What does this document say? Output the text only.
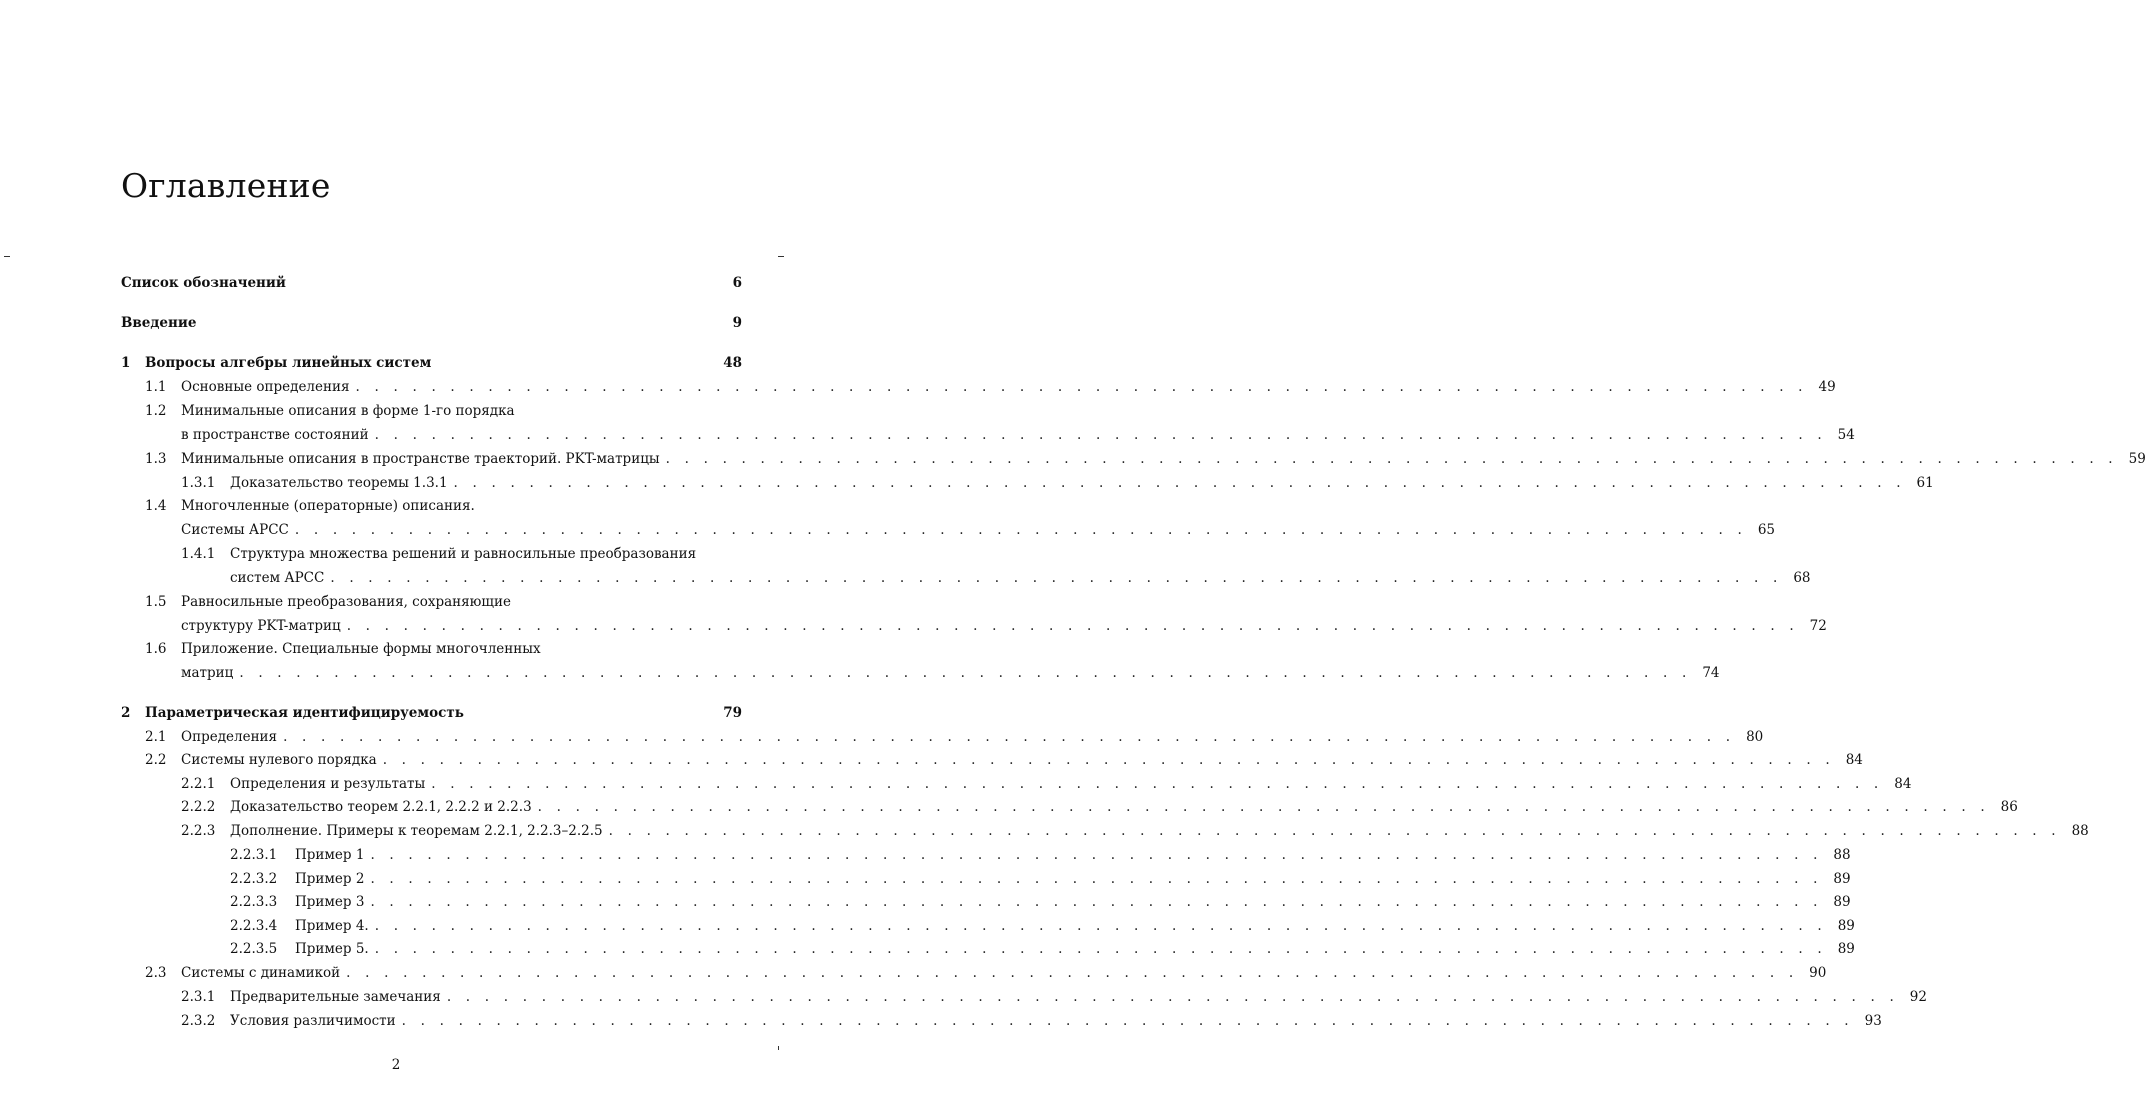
Оглавление
Список обозначений	6
Введение	9
1	Вопросы алгебры линейных систем	48
1.1	Основные определения . . . . . . . . . . . . . . . . . . . . . . . . . . . . . . . . . . . . . . . . . . . . . . . . . . . . . . . . . . . . . . . . . . . . . . . . . . . . . 49
1.2	Минимальные описания в форме 1-го порядка
в пространстве состояний . . . . . . . . . . . . . . . . . . . . . . . . . . . . . . . . . . . . . . . . . . . . . . . . . . . . . . . . . . . . . . . . . . . . . . . . . . . . . 54
1.3	Минимальные описания в пространстве траекторий. PKT-матрицы . . . . . . . . . . . . . . . . . . . . . . . . . . . . . . . . . . . . . . . . . . . . . . . . . . . . . . . . . . . . . . . . . . . . . . . . . . . . . 59
1.3.1	Доказательство теоремы 1.3.1 . . . . . . . . . . . . . . . . . . . . . . . . . . . . . . . . . . . . . . . . . . . . . . . . . . . . . . . . . . . . . . . . . . . . . . . . . . . . . 61
1.4	Многочленные (операторные) описания.
Системы АРСС . . . . . . . . . . . . . . . . . . . . . . . . . . . . . . . . . . . . . . . . . . . . . . . . . . . . . . . . . . . . . . . . . . . . . . . . . . . . . 65
1.4.1	Структура множества решений и равносильные преобразования
систем АРСС . . . . . . . . . . . . . . . . . . . . . . . . . . . . . . . . . . . . . . . . . . . . . . . . . . . . . . . . . . . . . . . . . . . . . . . . . . . . . 68
1.5	Равносильные преобразования, сохраняющие
структуру PKT-матриц . . . . . . . . . . . . . . . . . . . . . . . . . . . . . . . . . . . . . . . . . . . . . . . . . . . . . . . . . . . . . . . . . . . . . . . . . . . . . 72
1.6	Приложение. Специальные формы многочленных
матриц . . . . . . . . . . . . . . . . . . . . . . . . . . . . . . . . . . . . . . . . . . . . . . . . . . . . . . . . . . . . . . . . . . . . . . . . . . . . . 74
2	Параметрическая идентифицируемость	79
2.1	Определения . . . . . . . . . . . . . . . . . . . . . . . . . . . . . . . . . . . . . . . . . . . . . . . . . . . . . . . . . . . . . . . . . . . . . . . . . . . . . 80
2.2	Системы нулевого порядка . . . . . . . . . . . . . . . . . . . . . . . . . . . . . . . . . . . . . . . . . . . . . . . . . . . . . . . . . . . . . . . . . . . . . . . . . . . . . 84
2.2.1	Определения и результаты . . . . . . . . . . . . . . . . . . . . . . . . . . . . . . . . . . . . . . . . . . . . . . . . . . . . . . . . . . . . . . . . . . . . . . . . . . . . . 84
2.2.2	Доказательство теорем 2.2.1, 2.2.2 и 2.2.3 . . . . . . . . . . . . . . . . . . . . . . . . . . . . . . . . . . . . . . . . . . . . . . . . . . . . . . . . . . . . . . . . . . . . . . . . . . . . . 86
2.2.3	Дополнение. Примеры к теоремам 2.2.1, 2.2.3–2.2.5 . . . . . . . . . . . . . . . . . . . . . . . . . . . . . . . . . . . . . . . . . . . . . . . . . . . . . . . . . . . . . . . . . . . . . . . . . . . . . 88
2.2.3.1	Пример 1 . . . . . . . . . . . . . . . . . . . . . . . . . . . . . . . . . . . . . . . . . . . . . . . . . . . . . . . . . . . . . . . . . . . . . . . . . . . . . 88
2.2.3.2	Пример 2 . . . . . . . . . . . . . . . . . . . . . . . . . . . . . . . . . . . . . . . . . . . . . . . . . . . . . . . . . . . . . . . . . . . . . . . . . . . . . 89
2.2.3.3	Пример 3 . . . . . . . . . . . . . . . . . . . . . . . . . . . . . . . . . . . . . . . . . . . . . . . . . . . . . . . . . . . . . . . . . . . . . . . . . . . . . 89
2.2.3.4	Пример 4. . . . . . . . . . . . . . . . . . . . . . . . . . . . . . . . . . . . . . . . . . . . . . . . . . . . . . . . . . . . . . . . . . . . . . . . . . . . . . 89
2.2.3.5	Пример 5. . . . . . . . . . . . . . . . . . . . . . . . . . . . . . . . . . . . . . . . . . . . . . . . . . . . . . . . . . . . . . . . . . . . . . . . . . . . . . 89
2.3	Системы с динамикой . . . . . . . . . . . . . . . . . . . . . . . . . . . . . . . . . . . . . . . . . . . . . . . . . . . . . . . . . . . . . . . . . . . . . . . . . . . . . 90
2.3.1	Предварительные замечания . . . . . . . . . . . . . . . . . . . . . . . . . . . . . . . . . . . . . . . . . . . . . . . . . . . . . . . . . . . . . . . . . . . . . . . . . . . . . 92
2.3.2	Условия различимости . . . . . . . . . . . . . . . . . . . . . . . . . . . . . . . . . . . . . . . . . . . . . . . . . . . . . . . . . . . . . . . . . . . . . . . . . . . . . 93
2
